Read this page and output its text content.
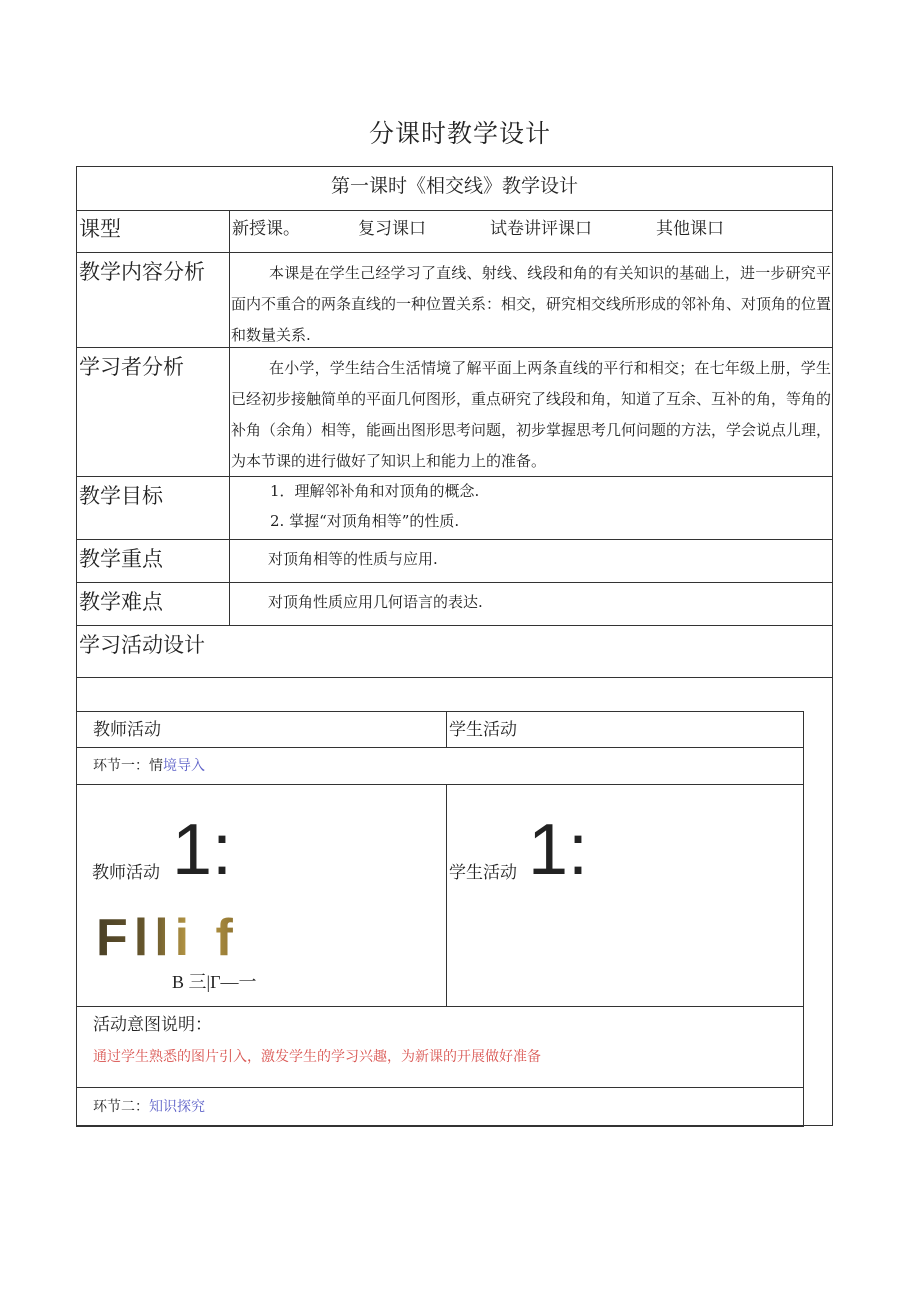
分课时教学设计
第一课时《相交线》教学设计
课型	新授课。	复习课口	试卷讲评课口	其他课口
教学内容分析	本课是在学生己经学习了直线、射线、线段和角的有关知识的基础上，进一步研究平面内不重合的两条直线的一种位置关系：相交，研究相交线所形成的邻补角、对顶角的位置和数量关系.
学习者分析	在小学，学生结合生活情境了解平面上两条直线的平行和相交；在七年级上册，学生已经初步接触简单的平面几何图形，重点研究了线段和角，知道了互余、互补的角，等角的补角（余角）相等，能画出图形思考问题，初步掌握思考几何问题的方法，学会说点儿理，为本节课的进行做好了知识上和能力上的准备。
教学目标	1．理解邻补角和对顶角的概念.
2. 掌握“对顶角相等”的性质.
教学重点	对顶角相等的性质与应用.
教学难点	对顶角性质应用几何语言的表达.
学习活动设计
教师活动	学生活动
环节一：情境导入
教师活动 1:
Flli f
B 三|Γ—一
学生活动 1:
活动意图说明：
通过学生熟悉的图片引入，激发学生的学习兴趣，为新课的开展做好准备
环节二：知识探究
